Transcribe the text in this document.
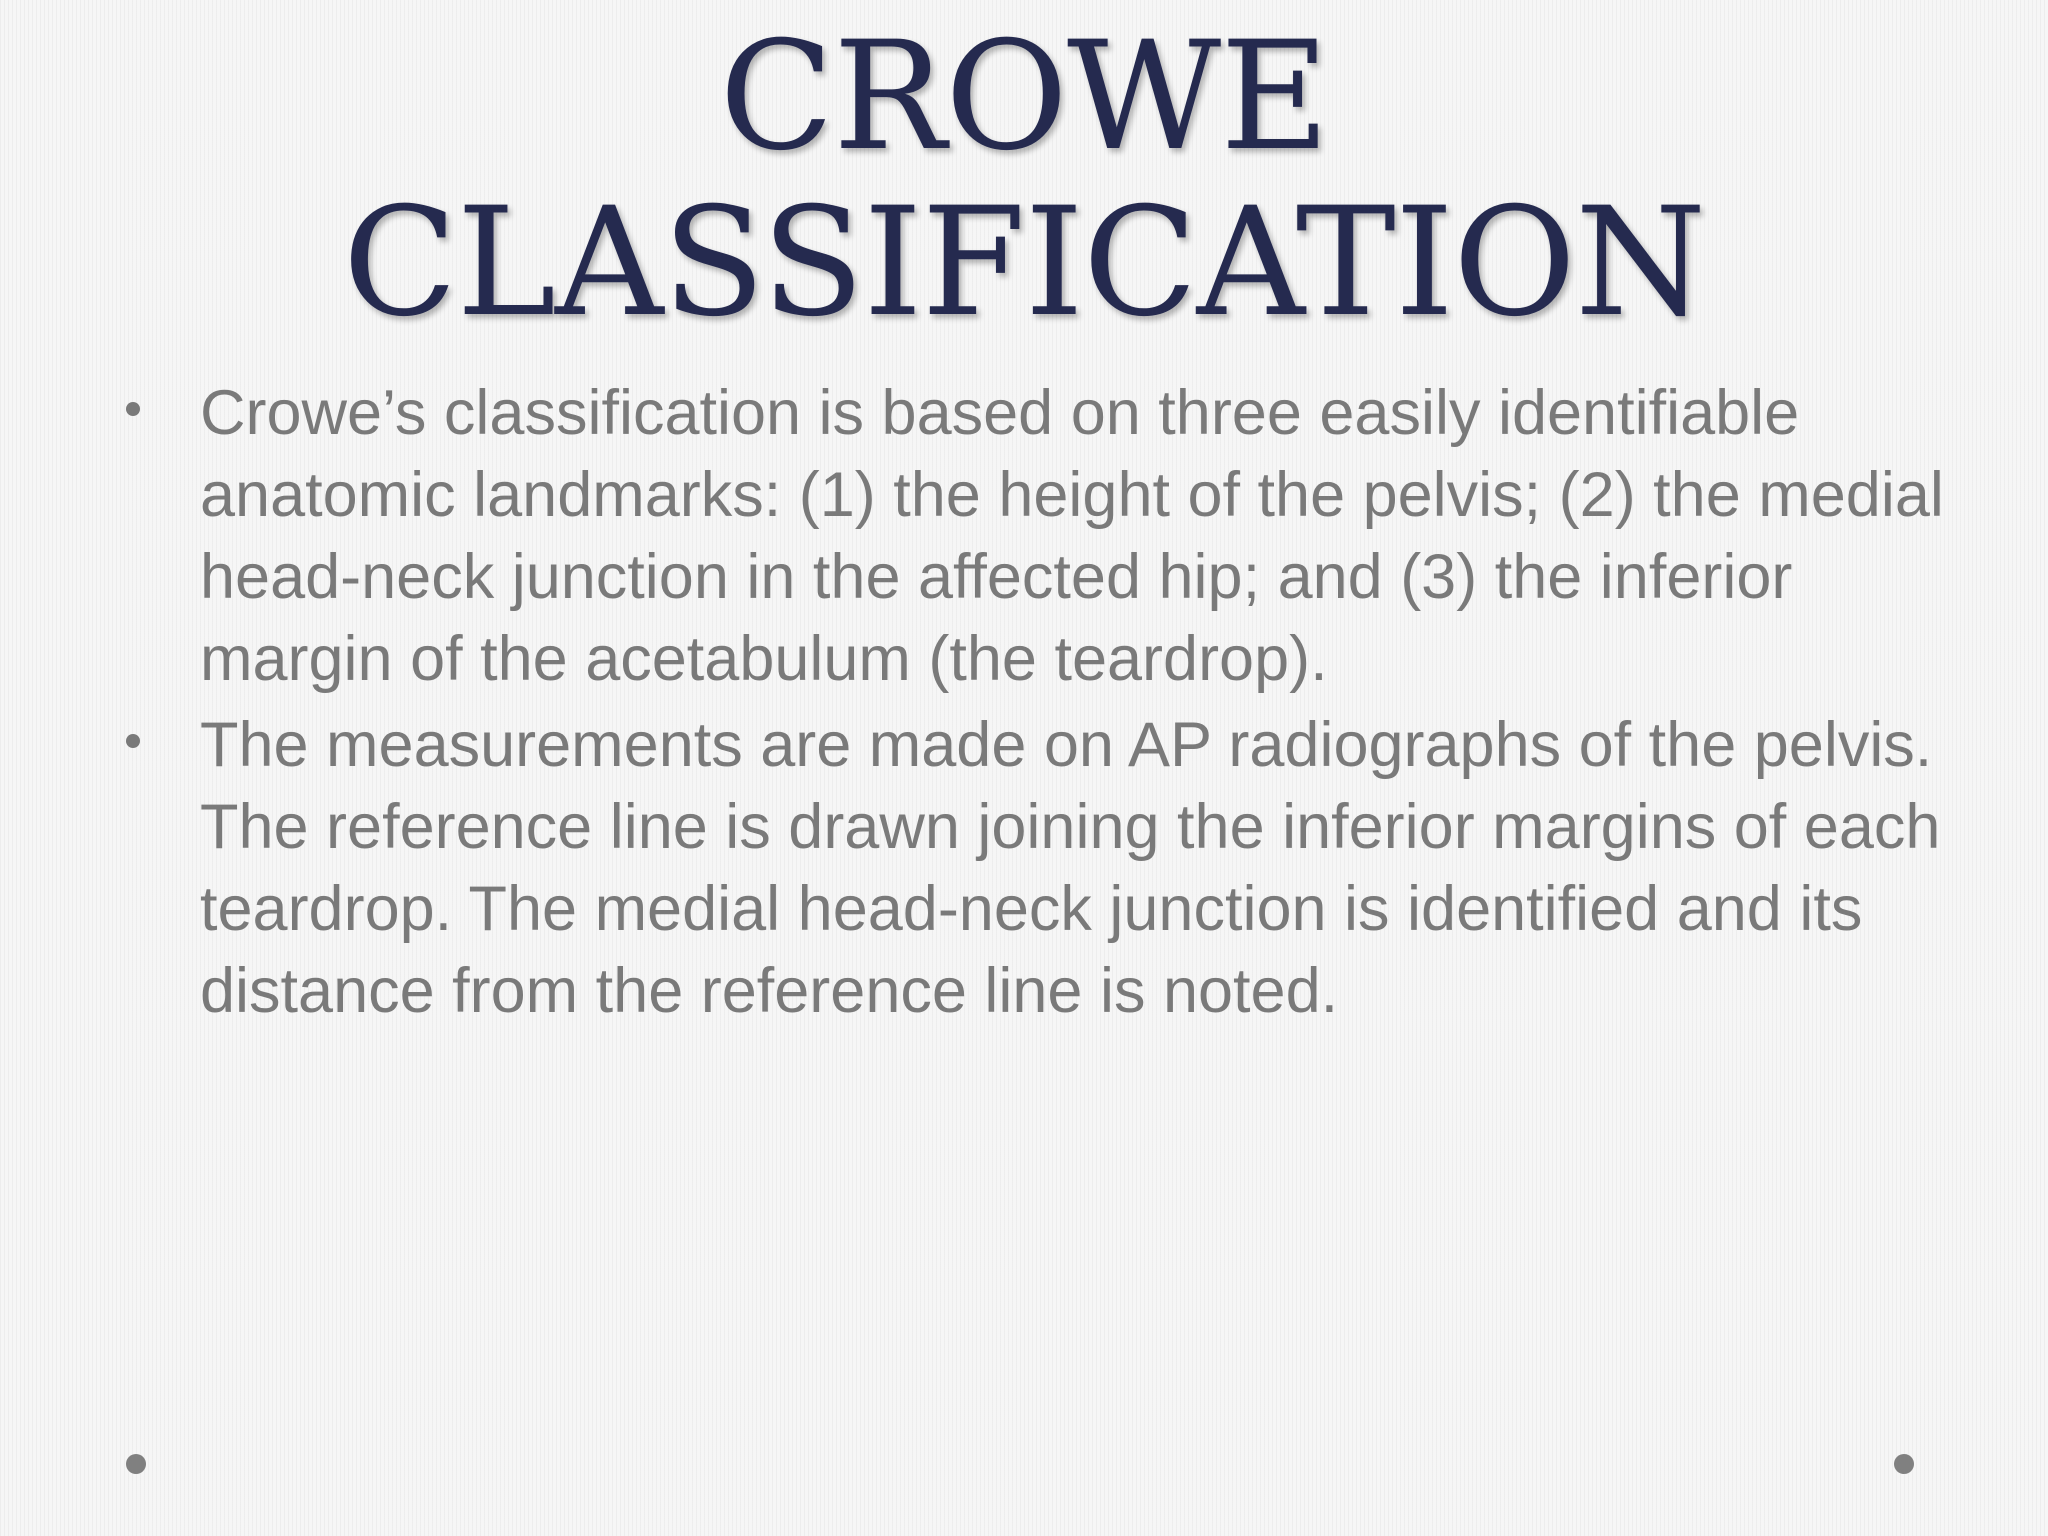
CROWE
CLASSIFICATION
Crowe’s classification is based on three easily identifiable anatomic landmarks: (1) the height of the pelvis; (2) the medial head-neck junction in the affected hip; and (3) the inferior margin of the acetabulum (the teardrop).
The measurements are made on AP radiographs of the pelvis. The reference line is drawn joining the inferior margins of each teardrop. The medial head-neck junction is identified and its distance from the reference line is noted.
